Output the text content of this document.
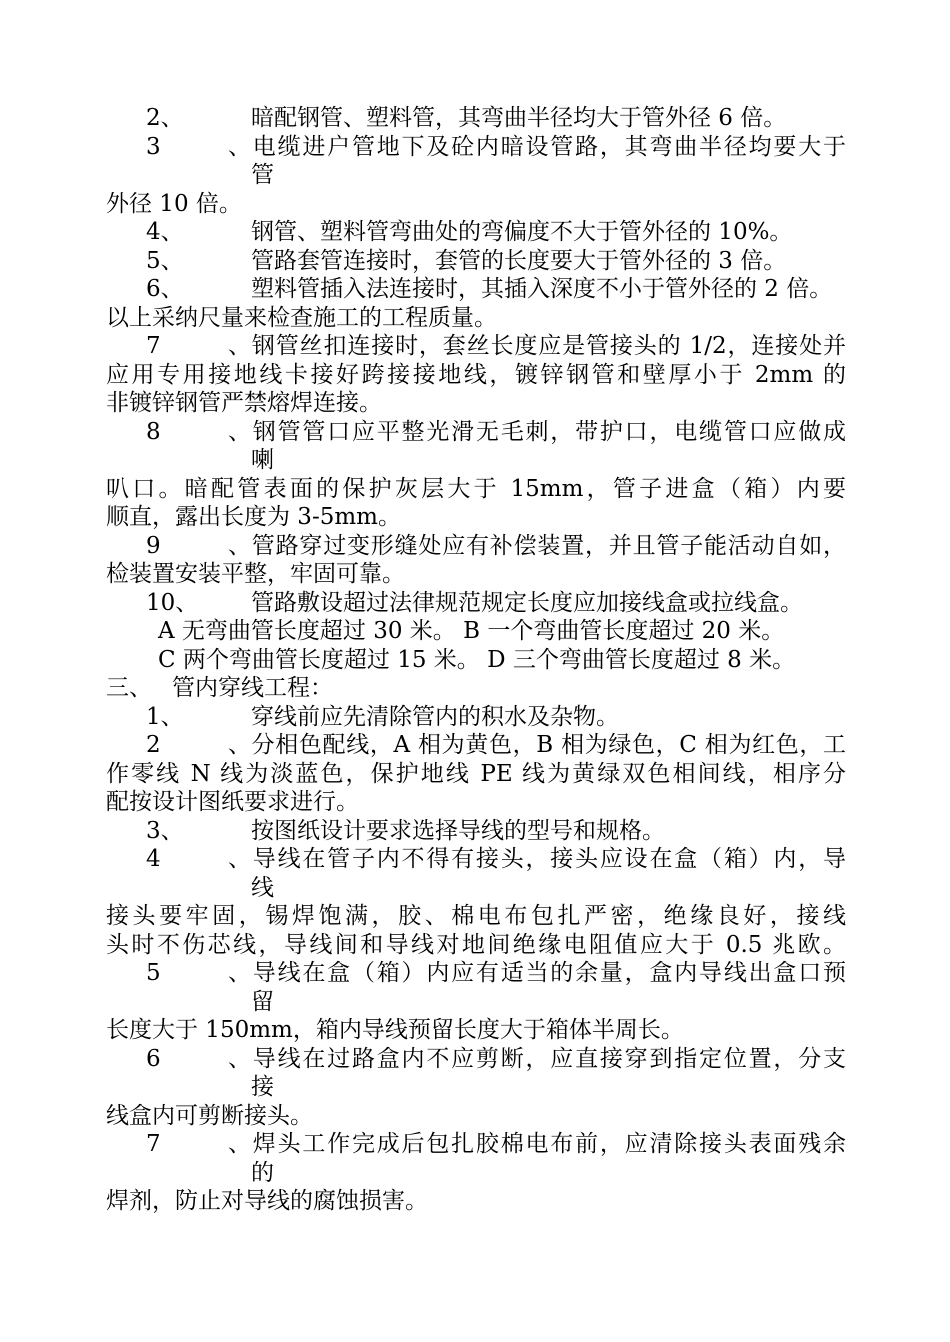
2、	暗配钢管、塑料管，其弯曲半径均大于管外径 6 倍。
3、电缆进户管地下及砼内暗设管路，其弯曲半径均要大于
管
外径 10 倍。
4、	钢管、塑料管弯曲处的弯偏度不大于管外径的 10%。
5、	管路套管连接时，套管的长度要大于管外径的 3 倍。
6、	塑料管插入法连接时，其插入深度不小于管外径的 2 倍。
以上采纳尺量来检查施工的工程质量。
7、钢管丝扣连接时，套丝长度应是管接头的 1/2，连接处并
应用专用接地线卡接好跨接接地线，镀锌钢管和壁厚小于 2mm 的
非镀锌钢管严禁熔焊连接。
8、钢管管口应平整光滑无毛刺，带护口，电缆管口应做成
喇
叭口。暗配管表面的保护灰层大于 15mm，管子进盒（箱）内要
顺直，露出长度为 3-5mm。
9、管路穿过变形缝处应有补偿装置，并且管子能活动自如，
检装置安装平整，牢固可靠。
10、 管路敷设超过法律规范规定长度应加接线盒或拉线盒。
A 无弯曲管长度超过 30 米。 B 一个弯曲管长度超过 20 米。
C 两个弯曲管长度超过 15 米。 D 三个弯曲管长度超过 8 米。
三、 管内穿线工程：
1、	穿线前应先清除管内的积水及杂物。
2、分相色配线，A 相为黄色，B 相为绿色，C 相为红色，工
作零线 N 线为淡蓝色，保护地线 PE 线为黄绿双色相间线，相序分
配按设计图纸要求进行。
3、	按图纸设计要求选择导线的型号和规格。
4、导线在管子内不得有接头，接头应设在盒（箱）内，导
线
接头要牢固，锡焊饱满，胶、棉电布包扎严密，绝缘良好，接线
头时不伤芯线，导线间和导线对地间绝缘电阻值应大于 0.5 兆欧。
5、导线在盒（箱）内应有适当的余量，盒内导线出盒口预
留
长度大于 150mm，箱内导线预留长度大于箱体半周长。
6、导线在过路盒内不应剪断，应直接穿到指定位置，分支
接
线盒内可剪断接头。
7、焊头工作完成后包扎胶棉电布前，应清除接头表面残余
的
焊剂，防止对导线的腐蚀损害。
